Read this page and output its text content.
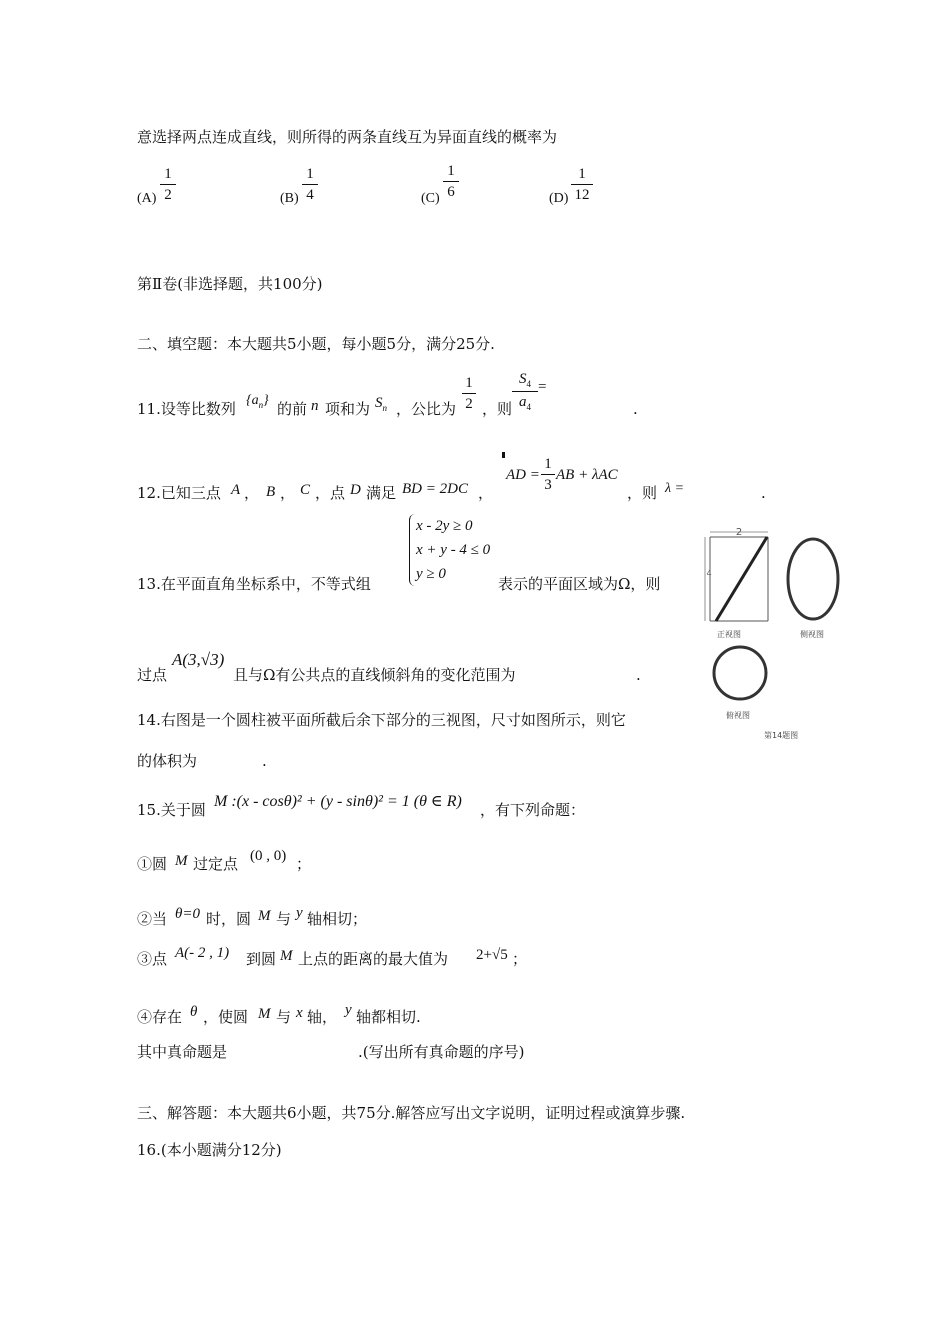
意选择两点连成直线，则所得的两条直线互为异面直线的概率为
$(A) \frac{1}{2}$	$(B) \frac{1}{4}$	$(C) \frac{1}{6}$	$(D) \frac{1}{12}$
第Ⅱ卷(非选择题，共100分)
二、填空题：本大题共5小题，每小题5分，满分25分.
11.设等比数列 $\{a_n\}$ 的前 n 项和为 $S_n$ ，公比为 $\frac{1}{2}$ ，则 $\frac{S_4}{a_4}$ =
.
12.已知三点 A ， B ， C ，点 D 满足 BD = 2DC ，
AD = $\frac{1}{3}$ AB + λAC
，则 λ =	.
13.在平面直角坐标系中，不等式组
x - 2y ≥ 0
x + y - 4 ≤ 0
y ≥ 0
表示的平面区域为Ω，则
过点
A(3,√3)
且与Ω有公共点的直线倾斜角的变化范围为	.
14.右图是一个圆柱被平面所截后余下部分的三视图，尺寸如图所示，则它
的体积为	.
2
4
正视图	侧视图
俯视图
第14题图
15.关于圆 M :(x - cosθ)² + (y - sinθ)² = 1 (θ ∈ R) ，有下列命题：
①圆 M 过定点 (0 , 0) ；
②当 θ=0 时，圆 M 与 y 轴相切；
③点 A(- 2 , 1) 到圆 M 上点的距离的最大值为 2+√5 ；
④存在 θ ，使圆 M 与 x 轴， y 轴都相切.
其中真命题是	.(写出所有真命题的序号)
三、解答题：本大题共6小题，共75分.解答应写出文字说明，证明过程或演算步骤.
16.(本小题满分12分)
